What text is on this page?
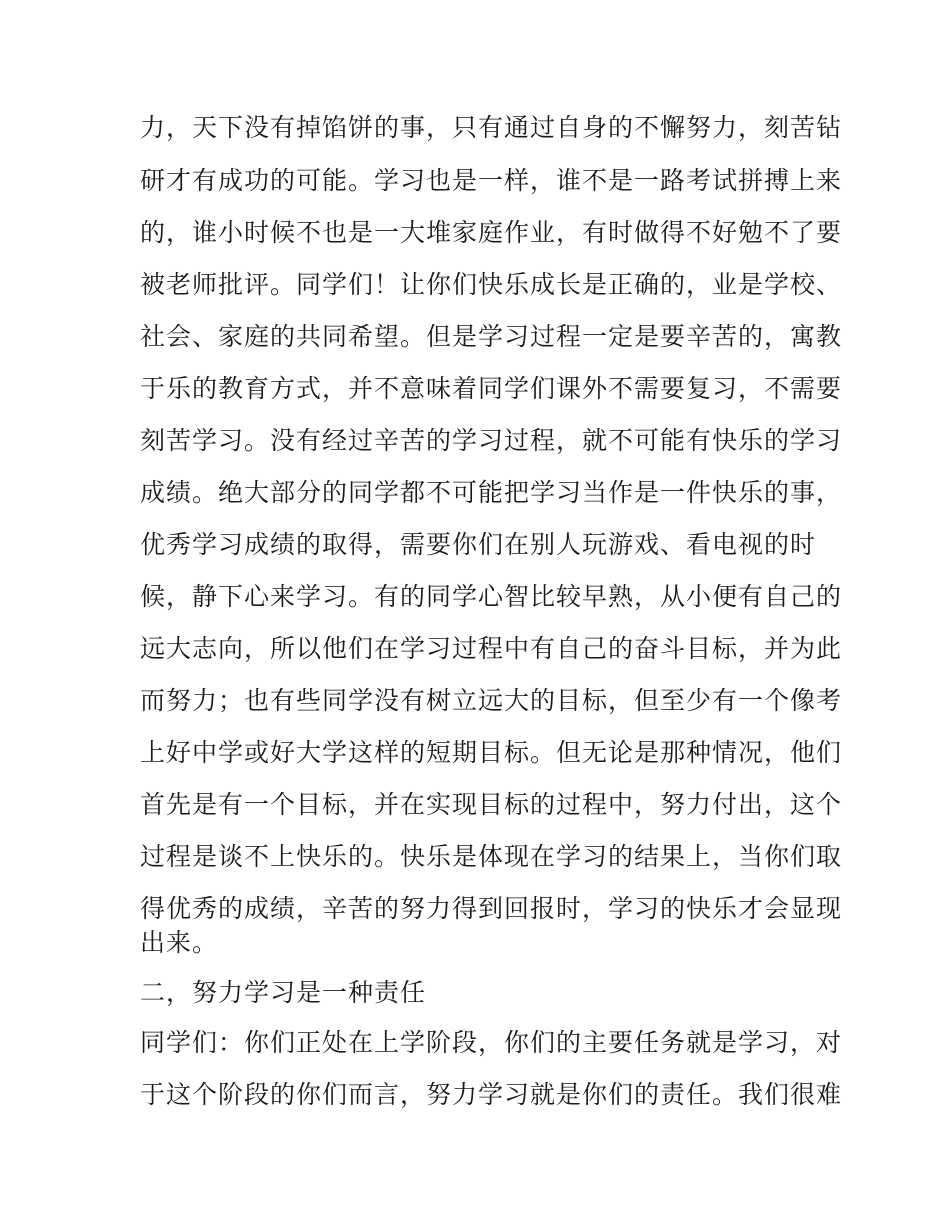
力，天下没有掉馅饼的事，只有通过自身的不懈努力，刻苦钻
研才有成功的可能。学习也是一样，谁不是一路考试拼搏上来
的，谁小时候不也是一大堆家庭作业，有时做得不好勉不了要
被老师批评。同学们！让你们快乐成长是正确的，业是学校、
社会、家庭的共同希望。但是学习过程一定是要辛苦的，寓教
于乐的教育方式，并不意味着同学们课外不需要复习，不需要
刻苦学习。没有经过辛苦的学习过程，就不可能有快乐的学习
成绩。绝大部分的同学都不可能把学习当作是一件快乐的事，
优秀学习成绩的取得，需要你们在别人玩游戏、看电视的时
候，静下心来学习。有的同学心智比较早熟，从小便有自己的
远大志向，所以他们在学习过程中有自己的奋斗目标，并为此
而努力；也有些同学没有树立远大的目标，但至少有一个像考
上好中学或好大学这样的短期目标。但无论是那种情况，他们
首先是有一个目标，并在实现目标的过程中，努力付出，这个
过程是谈不上快乐的。快乐是体现在学习的结果上，当你们取
得优秀的成绩，辛苦的努力得到回报时，学习的快乐才会显现
出来。
二，努力学习是一种责任
同学们：你们正处在上学阶段，你们的主要任务就是学习，对
于这个阶段的你们而言，努力学习就是你们的责任。我们很难
